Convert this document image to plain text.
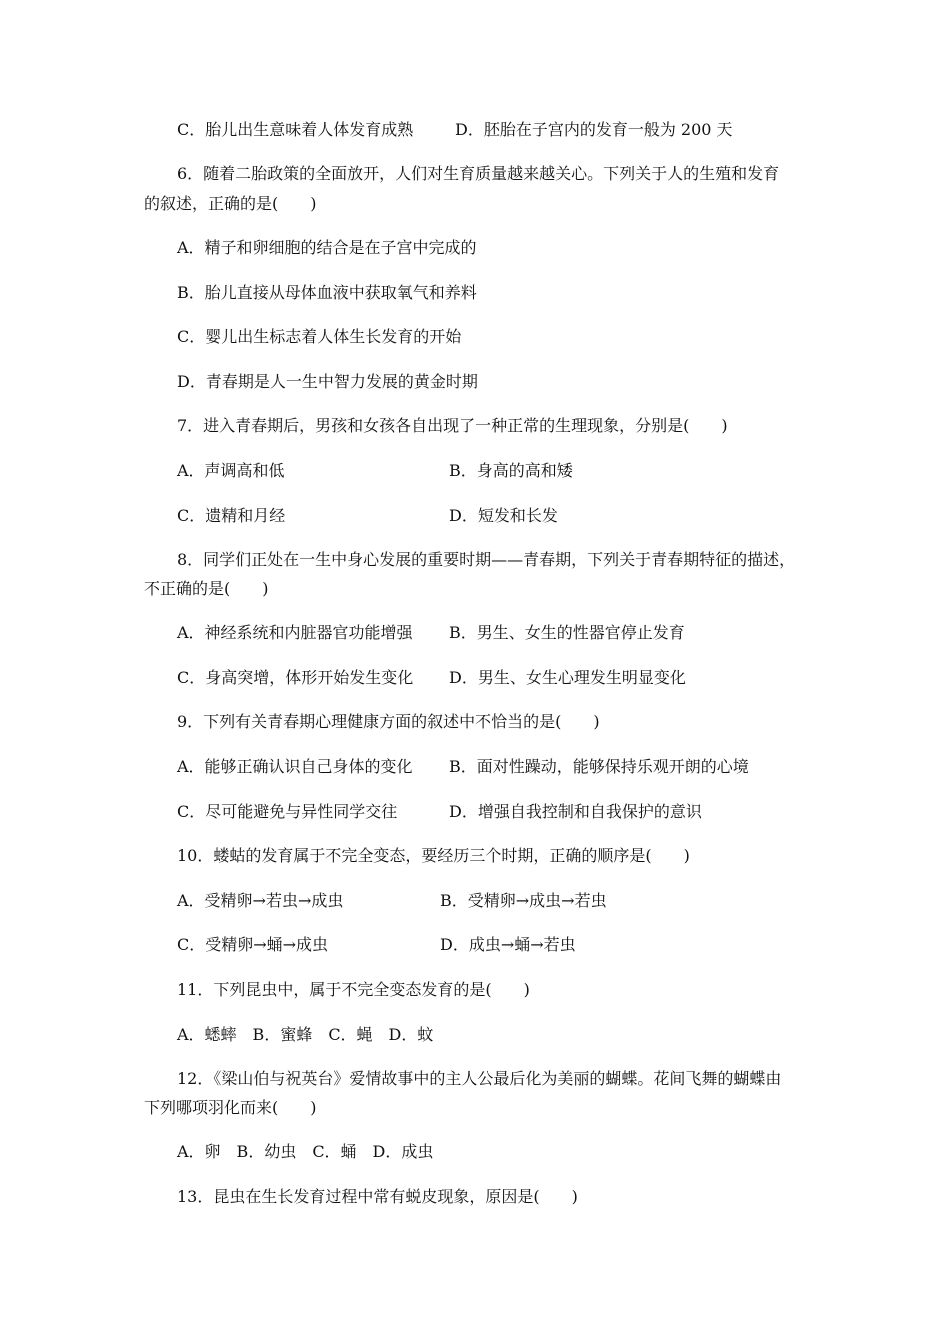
C．胎儿出生意味着人体发育成熟	D．胚胎在子宫内的发育一般为 200 天
6．随着二胎政策的全面放开，人们对生育质量越来越关心。下列关于人的生殖和发育
的叙述，正确的是(　　)
A．精子和卵细胞的结合是在子宫中完成的
B．胎儿直接从母体血液中获取氧气和养料
C．婴儿出生标志着人体生长发育的开始
D．青春期是人一生中智力发展的黄金时期
7．进入青春期后，男孩和女孩各自出现了一种正常的生理现象，分别是(　　)
A．声调高和低	B．身高的高和矮
C．遗精和月经	D．短发和长发
8．同学们正处在一生中身心发展的重要时期——青春期，下列关于青春期特征的描述，
不正确的是(　　)
A．神经系统和内脏器官功能增强 B．男生、女生的性器官停止发育
C．身高突增，体形开始发生变化 D．男生、女生心理发生明显变化
9．下列有关青春期心理健康方面的叙述中不恰当的是(　　)
A．能够正确认识自己身体的变化 B．面对性躁动，能够保持乐观开朗的心境
C．尽可能避免与异性同学交往	D．增强自我控制和自我保护的意识
10．蝼蛄的发育属于不完全变态，要经历三个时期，正确的顺序是(　　)
A．受精卵→若虫→成虫	B．受精卵→成虫→若虫
C．受精卵→蛹→成虫	D．成虫→蛹→若虫
11．下列昆虫中，属于不完全变态发育的是(　　)
A．蟋蟀　B．蜜蜂　C．蝇　D．蚊
12．《梁山伯与祝英台》爱情故事中的主人公最后化为美丽的蝴蝶。花间飞舞的蝴蝶由
下列哪项羽化而来(　　)
A．卵　B．幼虫　C．蛹　D．成虫
13．昆虫在生长发育过程中常有蜕皮现象，原因是(　　)
